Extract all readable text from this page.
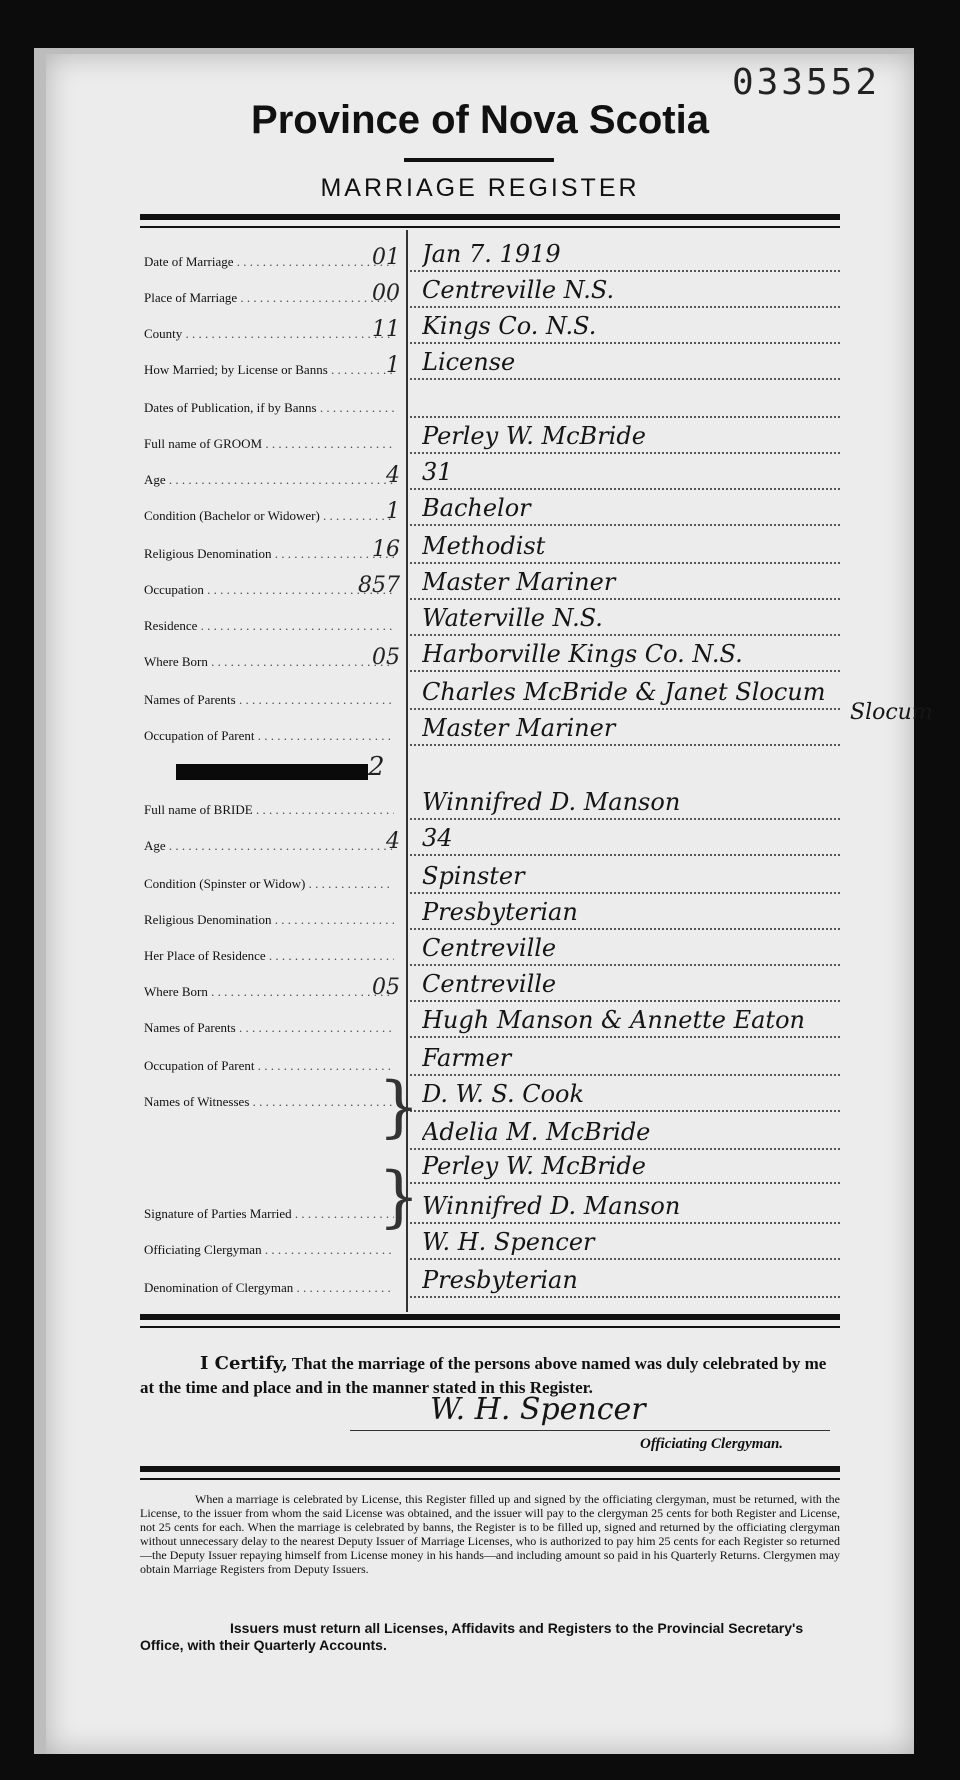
033552
Province of Nova Scotia
MARRIAGE REGISTER
Date of Marriage . . .	01 Jan 7. 1919
Place of Marriage . . .	00 Centreville N.S.
County . . .	11 Kings Co. N.S.
How Married; by License or Banns . . .	1 License
Dates of Publication, if by Banns . . .
Full name of GROOM . . .	Perley W. McBride
Age . . .	4 31
Condition (Bachelor or Widower) . . .	1 Bachelor
Religious Denomination . . .	16 Methodist
Occupation . . .	857 Master Mariner
Residence . . .	Waterville N.S.
Where Born . . .	05 Harborville Kings Co. N.S.
Names of Parents . . .	Charles McBride & Janet Slocum
Occupation of Parent . . .	Master Mariner
Full name of BRIDE . . .	Winnifred D. Manson
Age . . .	4 34
Condition (Spinster or Widow) . . .	Spinster
Religious Denomination . . .	Presbyterian
Her Place of Residence . . .	Centreville
Where Born . . .	05 Centreville
Names of Parents . . .	Hugh Manson & Annette Eaton
Occupation of Parent . . .	Farmer
Names of Witnesses . . .	D. W. S. Cook
Adelia M. McBride
Perley W. McBride
Signature of Parties Married . . .	Winnifred D. Manson
Officiating Clergyman . . .	W. H. Spencer
Denomination of Clergyman . . .	Presbyterian
2
Slocum
}
}
I Certify, That the marriage of the persons above named was duly celebrated by me at the time and place and in the manner stated in this Register.
W. H. Spencer
Officiating Clergyman.
When a marriage is celebrated by License, this Register filled up and signed by the officiating clergyman, must be returned, with the License, to the issuer from whom the said License was obtained, and the issuer will pay to the clergyman 25 cents for both Register and License, not 25 cents for each. When the marriage is celebrated by banns, the Register is to be filled up, signed and returned by the officiating clergyman without unnecessary delay to the nearest Deputy Issuer of Marriage Licenses, who is authorized to pay him 25 cents for each Register so returned—the Deputy Issuer repaying himself from License money in his hands—and including amount so paid in his Quarterly Returns. Clergymen may obtain Marriage Registers from Deputy Issuers.
Issuers must return all Licenses, Affidavits and Registers to the Provincial Secretary's Office, with their Quarterly Accounts.
